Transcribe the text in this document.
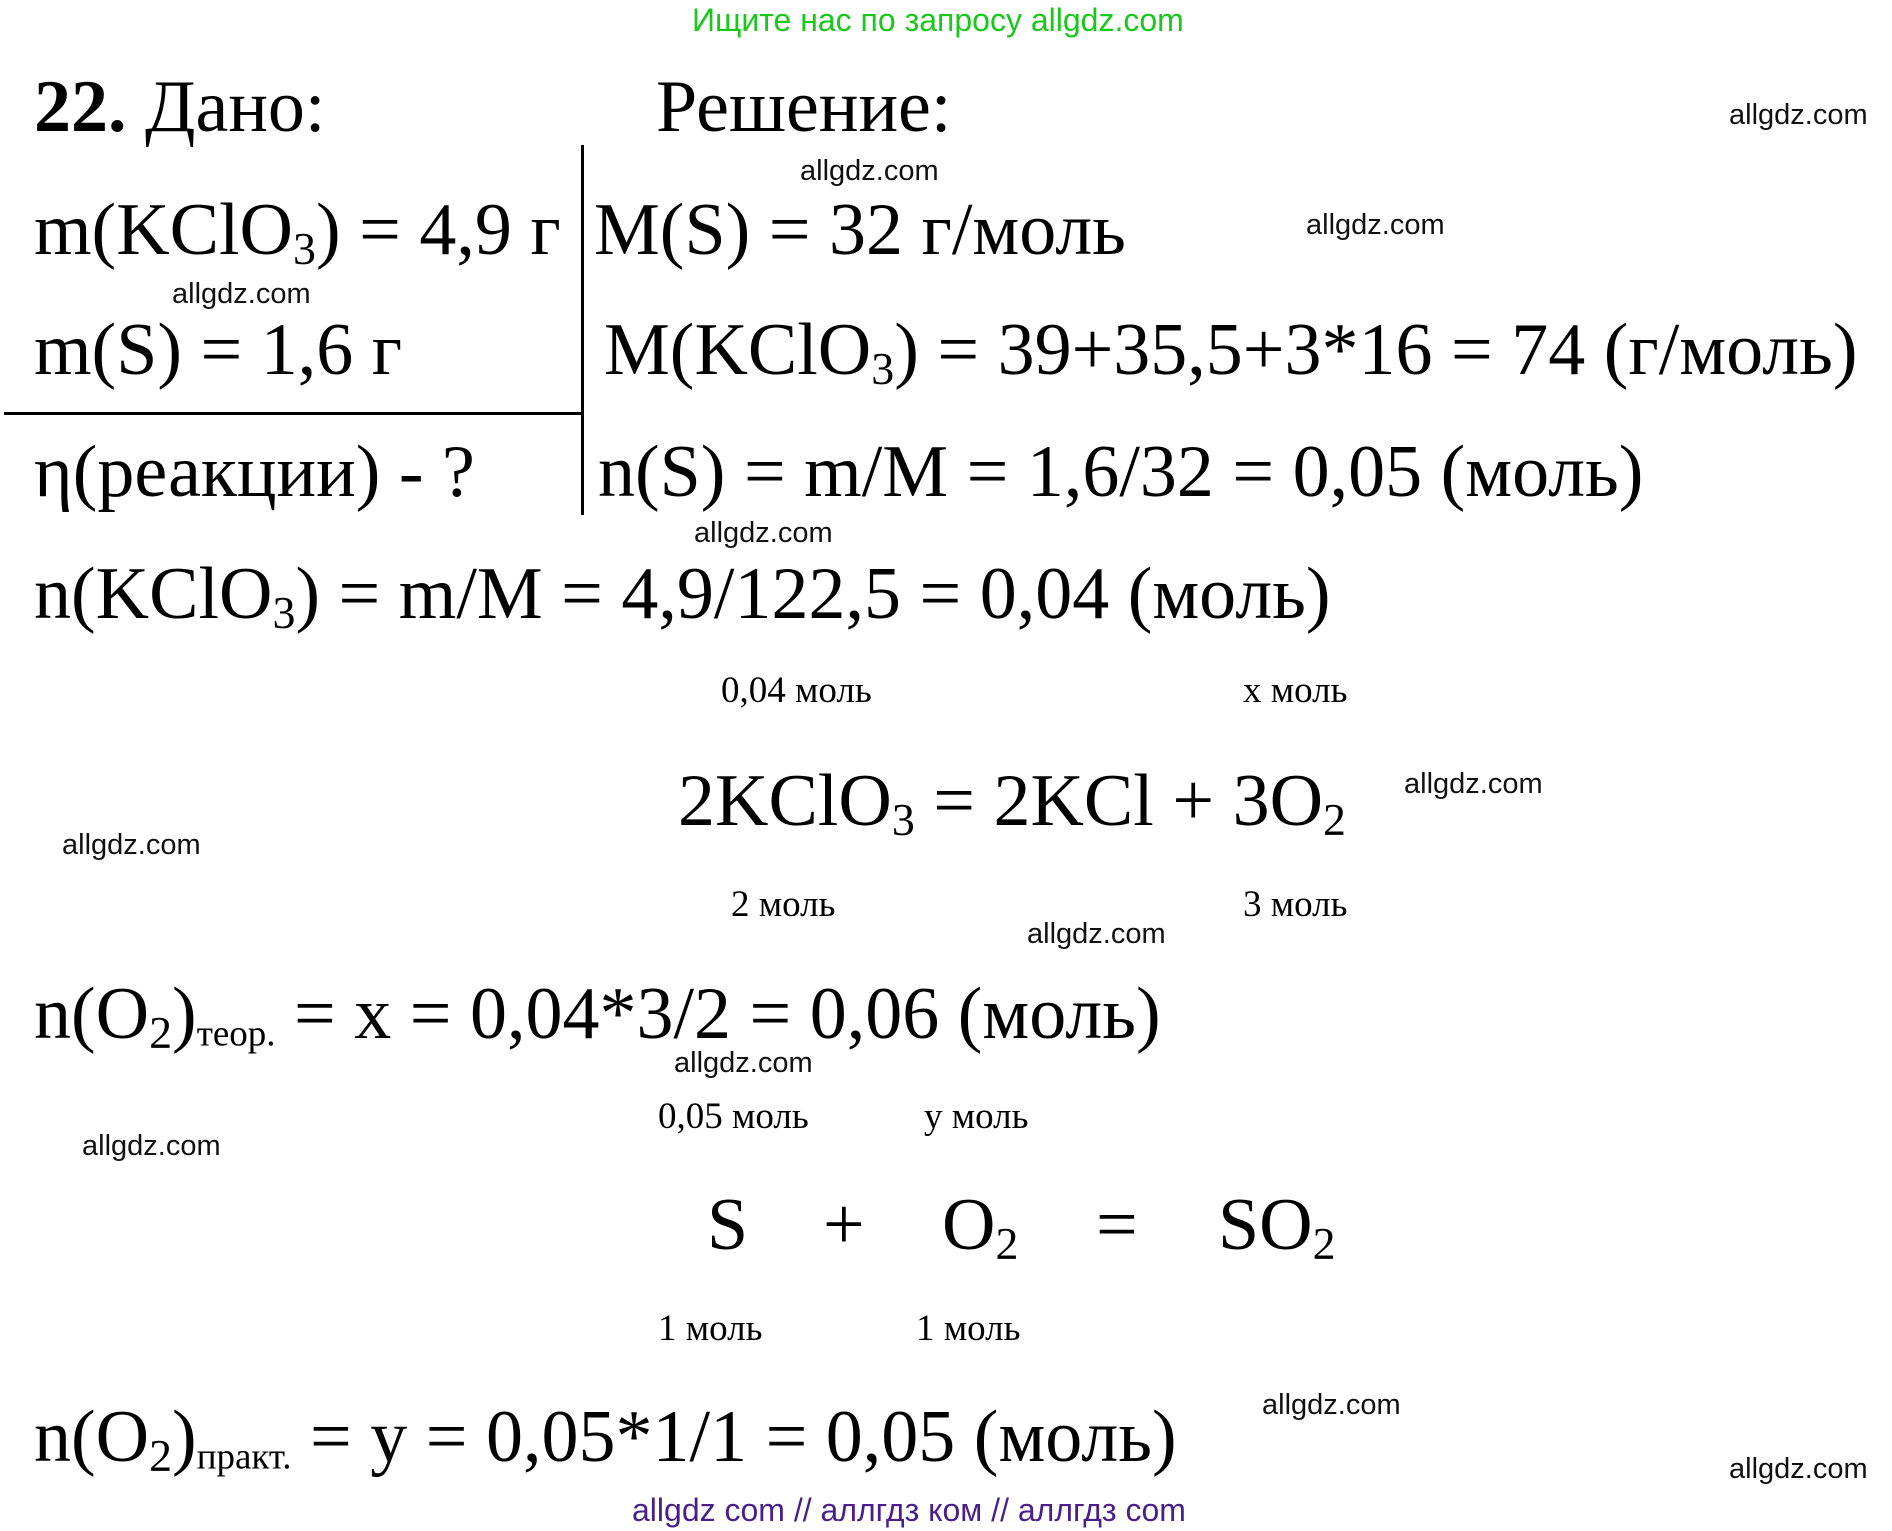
Ищите нас по запросу allgdz.com
allgdz com // аллгдз ком // аллгдз com
22. Дано:	Решение:
m(KClO$_3$) = 4,9 г
m(S) = 1,6 г
η(реакции) - ?
M(S) = 32 г/моль
M(KClO$_3$) = 39+35,5+3*16 = 74 (г/моль)
n(S) = m/M = 1,6/32 = 0,05 (моль)
n(KClO$_3$) = m/M = 4,9/122,5 = 0,04 (моль)
0,04 моль	x моль
2KClO$_3$ = $2KCl + 3O_2$
2 моль	3 моль
$n(O_2)теор$. = x = 0,04*3/2 = 0,06 (моль)
0,05 моль	y моль
$S + O_2 = SO_2$
1 моль	1 моль
$n(O_2)практ$. = y = 0,05*1/1 = 0,05 (моль)
allgdz.com
allgdz.com
allgdz.com
allgdz.com
allgdz.com
allgdz.com
allgdz.com
allgdz.com
allgdz.com
allgdz.com
allgdz.com
allgdz.com
